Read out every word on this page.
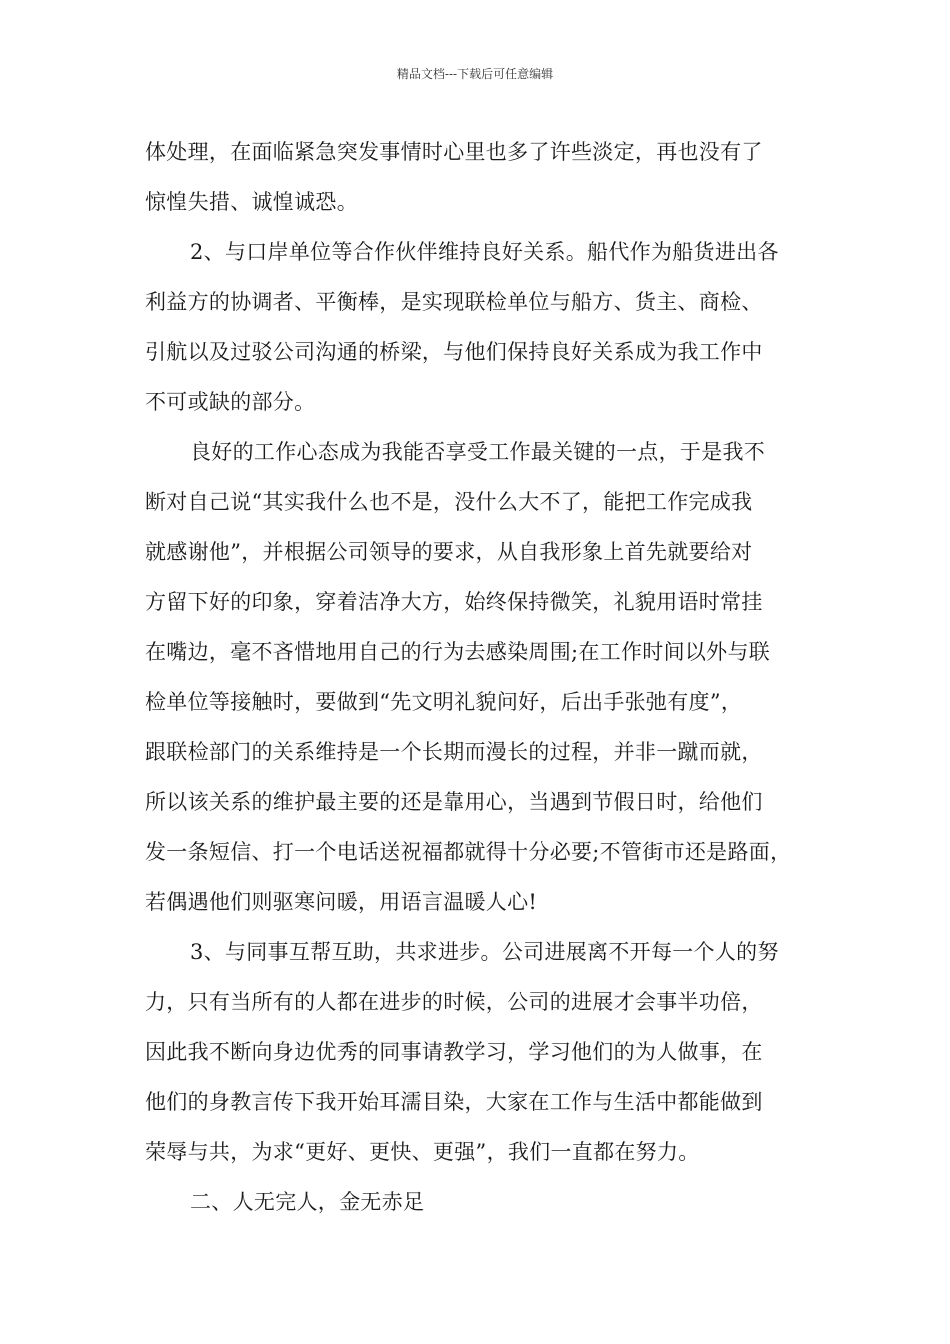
精品文档---下载后可任意编辑
体处理，在面临紧急突发事情时心里也多了许些淡定，再也没有了
惊惶失措、诚惶诚恐。
2、与口岸单位等合作伙伴维持良好关系。船代作为船货进出各
利益方的协调者、平衡棒，是实现联检单位与船方、货主、商检、
引航以及过驳公司沟通的桥梁，与他们保持良好关系成为我工作中
不可或缺的部分。
良好的工作心态成为我能否享受工作最关键的一点，于是我不
断对自己说“其实我什么也不是，没什么大不了，能把工作完成我
就感谢他”，并根据公司领导的要求，从自我形象上首先就要给对
方留下好的印象，穿着洁净大方，始终保持微笑，礼貌用语时常挂
在嘴边，毫不吝惜地用自己的行为去感染周围;在工作时间以外与联
检单位等接触时，要做到“先文明礼貌问好，后出手张弛有度”，
跟联检部门的关系维持是一个长期而漫长的过程，并非一蹴而就，
所以该关系的维护最主要的还是靠用心，当遇到节假日时，给他们
发一条短信、打一个电话送祝福都就得十分必要;不管街市还是路面，
若偶遇他们则驱寒问暖，用语言温暖人心!
3、与同事互帮互助，共求进步。公司进展离不开每一个人的努
力，只有当所有的人都在进步的时候，公司的进展才会事半功倍，
因此我不断向身边优秀的同事请教学习，学习他们的为人做事，在
他们的身教言传下我开始耳濡目染，大家在工作与生活中都能做到
荣辱与共，为求“更好、更快、更强”，我们一直都在努力。
二、人无完人，金无赤足
